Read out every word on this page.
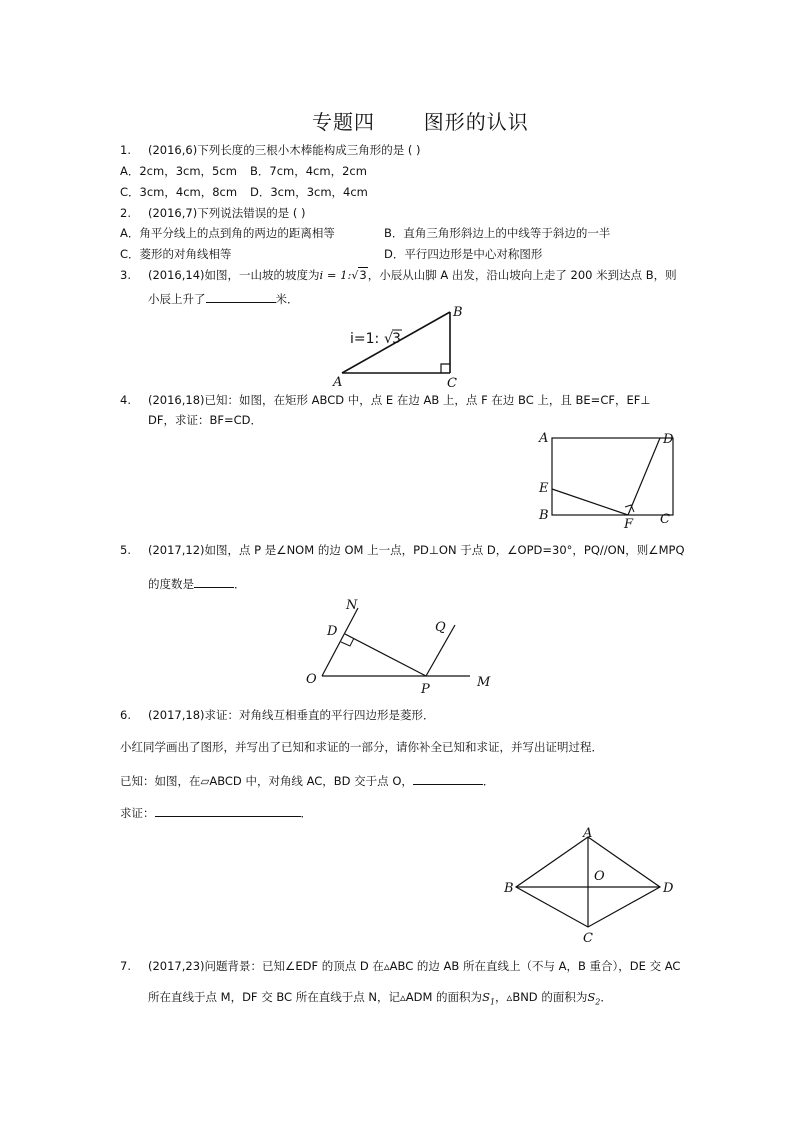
专题四 图形的认识
1. (2016,6)下列长度的三根小木棒能构成三角形的是 ( )
A．2cm，3cm，5cm B．7cm，4cm，2cm
C．3cm，4cm，8cm D．3cm，3cm，4cm
2. (2016,7)下列说法错误的是 ( )
A．角平分线上的点到角的两边的距离相等	B．直角三角形斜边上的中线等于斜边的一半
C．菱形的对角线相等	D．平行四边形是中心对称图形
3. (2016,14)如图，一山坡的坡度为i = 1:√3，小辰从山脚 A 出发，沿山坡向上走了 200 米到达点 B，则
小辰上升了	米．
i=1: √ 3
B
A	C
4. (2016,18)已知：如图，在矩形 ABCD 中，点 E 在边 AB 上，点 F 在边 BC 上，且 BE=CF，EF⊥
DF，求证：BF=CD．
A	D
E
B
F C
5. (2017,12)如图，点 P 是∠NOM 的边 OM 上一点，PD⊥ON 于点 D，∠OPD=30°，PQ//ON，则∠MPQ
的度数是	．
N
D	Q
O
P	M
6. (2017,18)求证：对角线互相垂直的平行四边形是菱形．
小红同学画出了图形，并写出了已知和求证的一部分，请你补全已知和求证，并写出证明过程．
已知：如图，在▱ABCD 中，对角线 AC，BD 交于点 O，	．
求证：	．
A
B
O
D
C
7. (2017,23)问题背景：已知∠EDF 的顶点 D 在▵ABC 的边 AB 所在直线上（不与 A，B 重合），DE 交 AC
所在直线于点 M，DF 交 BC 所在直线于点 N，记▵ADM 的面积为$S_1$，▵BND 的面积为$S_2$．
